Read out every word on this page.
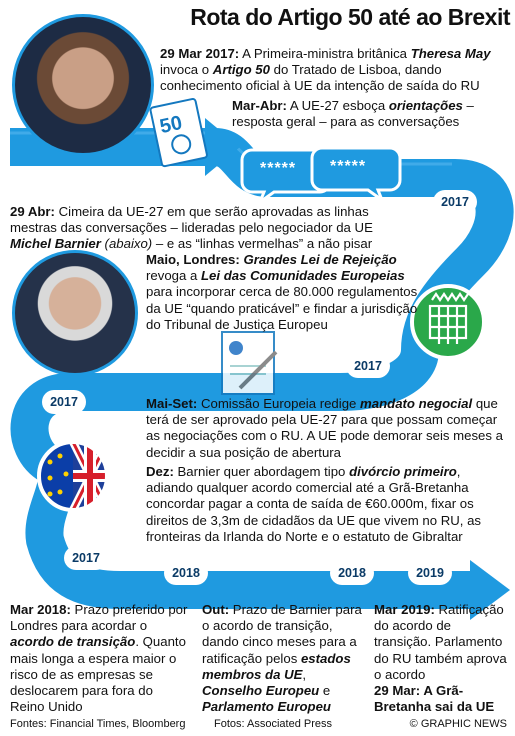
Rota do Artigo 50 até ao Brexit
50
***** *****
29 Mar 2017: A Primeira-ministra britânica Theresa May invoca o Artigo 50 do Tratado de Lisboa, dando conhecimento oficial à UE da intenção de saída do RU
Mar-Abr: A UE-27 esboça orientações – resposta geral – para as conversações
29 Abr: Cimeira da UE-27 em que serão aprovadas as linhas mestras das conversações – lideradas pelo negociador da UE Michel Barnier (abaixo) – e as “linhas vermelhas” a não pisar
Maio, Londres: Grandes Lei de Rejeição revoga a Lei das Comunidades Europeias para incorporar cerca de 80.000 regulamentos da UE “quando praticável” e findar a jurisdição do Tribunal de Justiça Europeu
Mai-Set: Comissão Europeia redige mandato negocial que terá de ser aprovado pela UE-27 para que possam começar as negociações com o RU. A UE pode demorar seis meses a decidir a sua posição de abertura
Dez: Barnier quer abordagem tipo divórcio primeiro, adiando qualquer acordo comercial até a Grã-Bretanha concordar pagar a conta de saída de €60.000m, fixar os direitos de 3,3m de cidadãos da UE que vivem no RU, as fronteiras da Irlanda do Norte e o estatuto de Gibraltar
Mar 2018: Prazo preferido por Londres para acordar o acordo de transição. Quanto mais longa a espera maior o risco de as empresas se deslocarem para fora do Reino Unido
Out: Prazo de Barnier para o acordo de transição, dando cinco meses para a ratificação pelos estados membros da UE, Conselho Europeu e Parlamento Europeu
Mar 2019: Ratificação do acordo de transição. Parlamento do RU também aprova o acordo
29 Mar: A Grã-Bretanha sai da UE
2017
2017
2017
2017
2018	2018	2019
Fontes: Financial Times, Bloomberg	Fotos: Associated Press	© GRAPHIC NEWS
